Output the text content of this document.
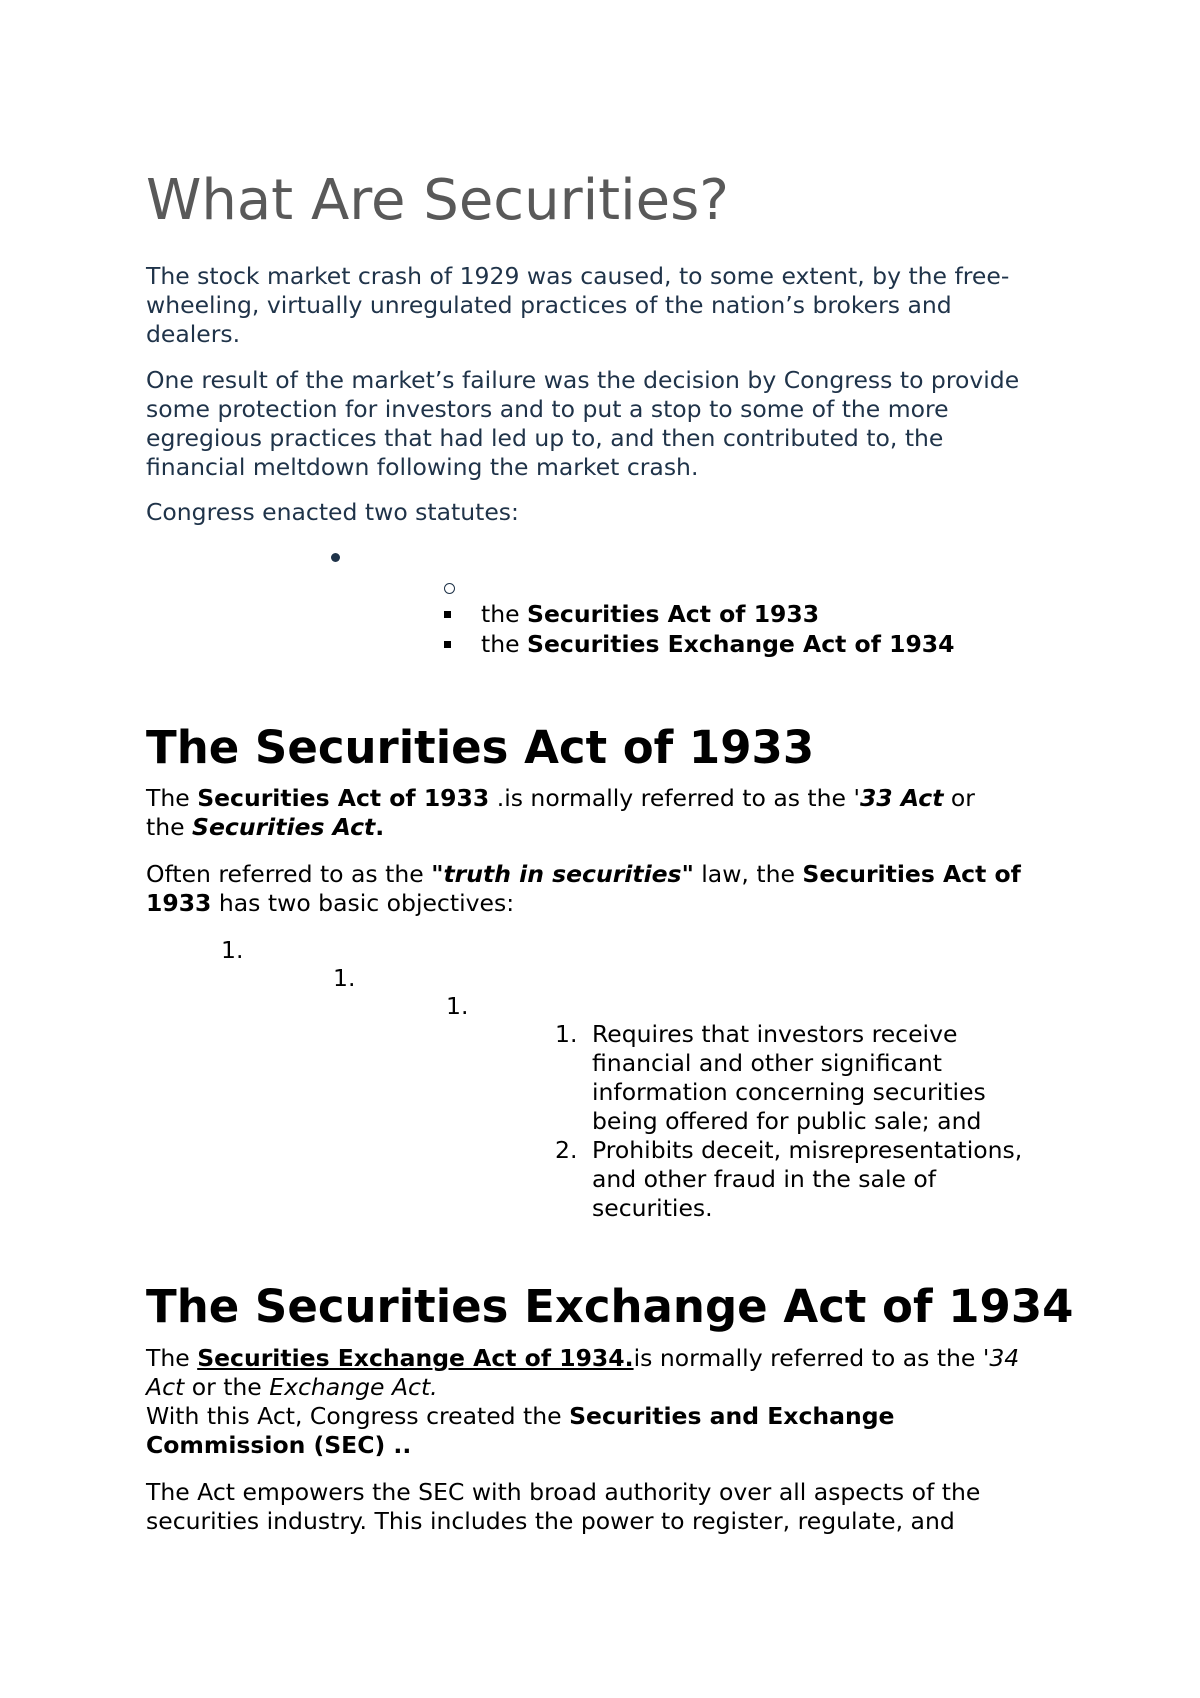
What Are Securities?
The stock market crash of 1929 was caused, to some extent, by the free-
wheeling, virtually unregulated practices of the nation’s brokers and
dealers.
One result of the market’s failure was the decision by Congress to provide
some protection for investors and to put a stop to some of the more
egregious practices that had led up to, and then contributed to, the
financial meltdown following the market crash.
Congress enacted two statutes:
the Securities Act of 1933
the Securities Exchange Act of 1934
The Securities Act of 1933
The Securities Act of 1933 .is normally referred to as the '33 Act or
the Securities Act.
Often referred to as the "truth in securities" law, the Securities Act of
1933 has two basic objectives:
1.
1.
1.
1. Requires that investors receive
financial and other significant
information concerning securities
being offered for public sale; and
2. Prohibits deceit, misrepresentations,
and other fraud in the sale of
securities.
The Securities Exchange Act of 1934
The Securities Exchange Act of 1934.is normally referred to as the '34
Act or the Exchange Act.
With this Act, Congress created the Securities and Exchange
Commission (SEC) ..
The Act empowers the SEC with broad authority over all aspects of the
securities industry. This includes the power to register, regulate, and
